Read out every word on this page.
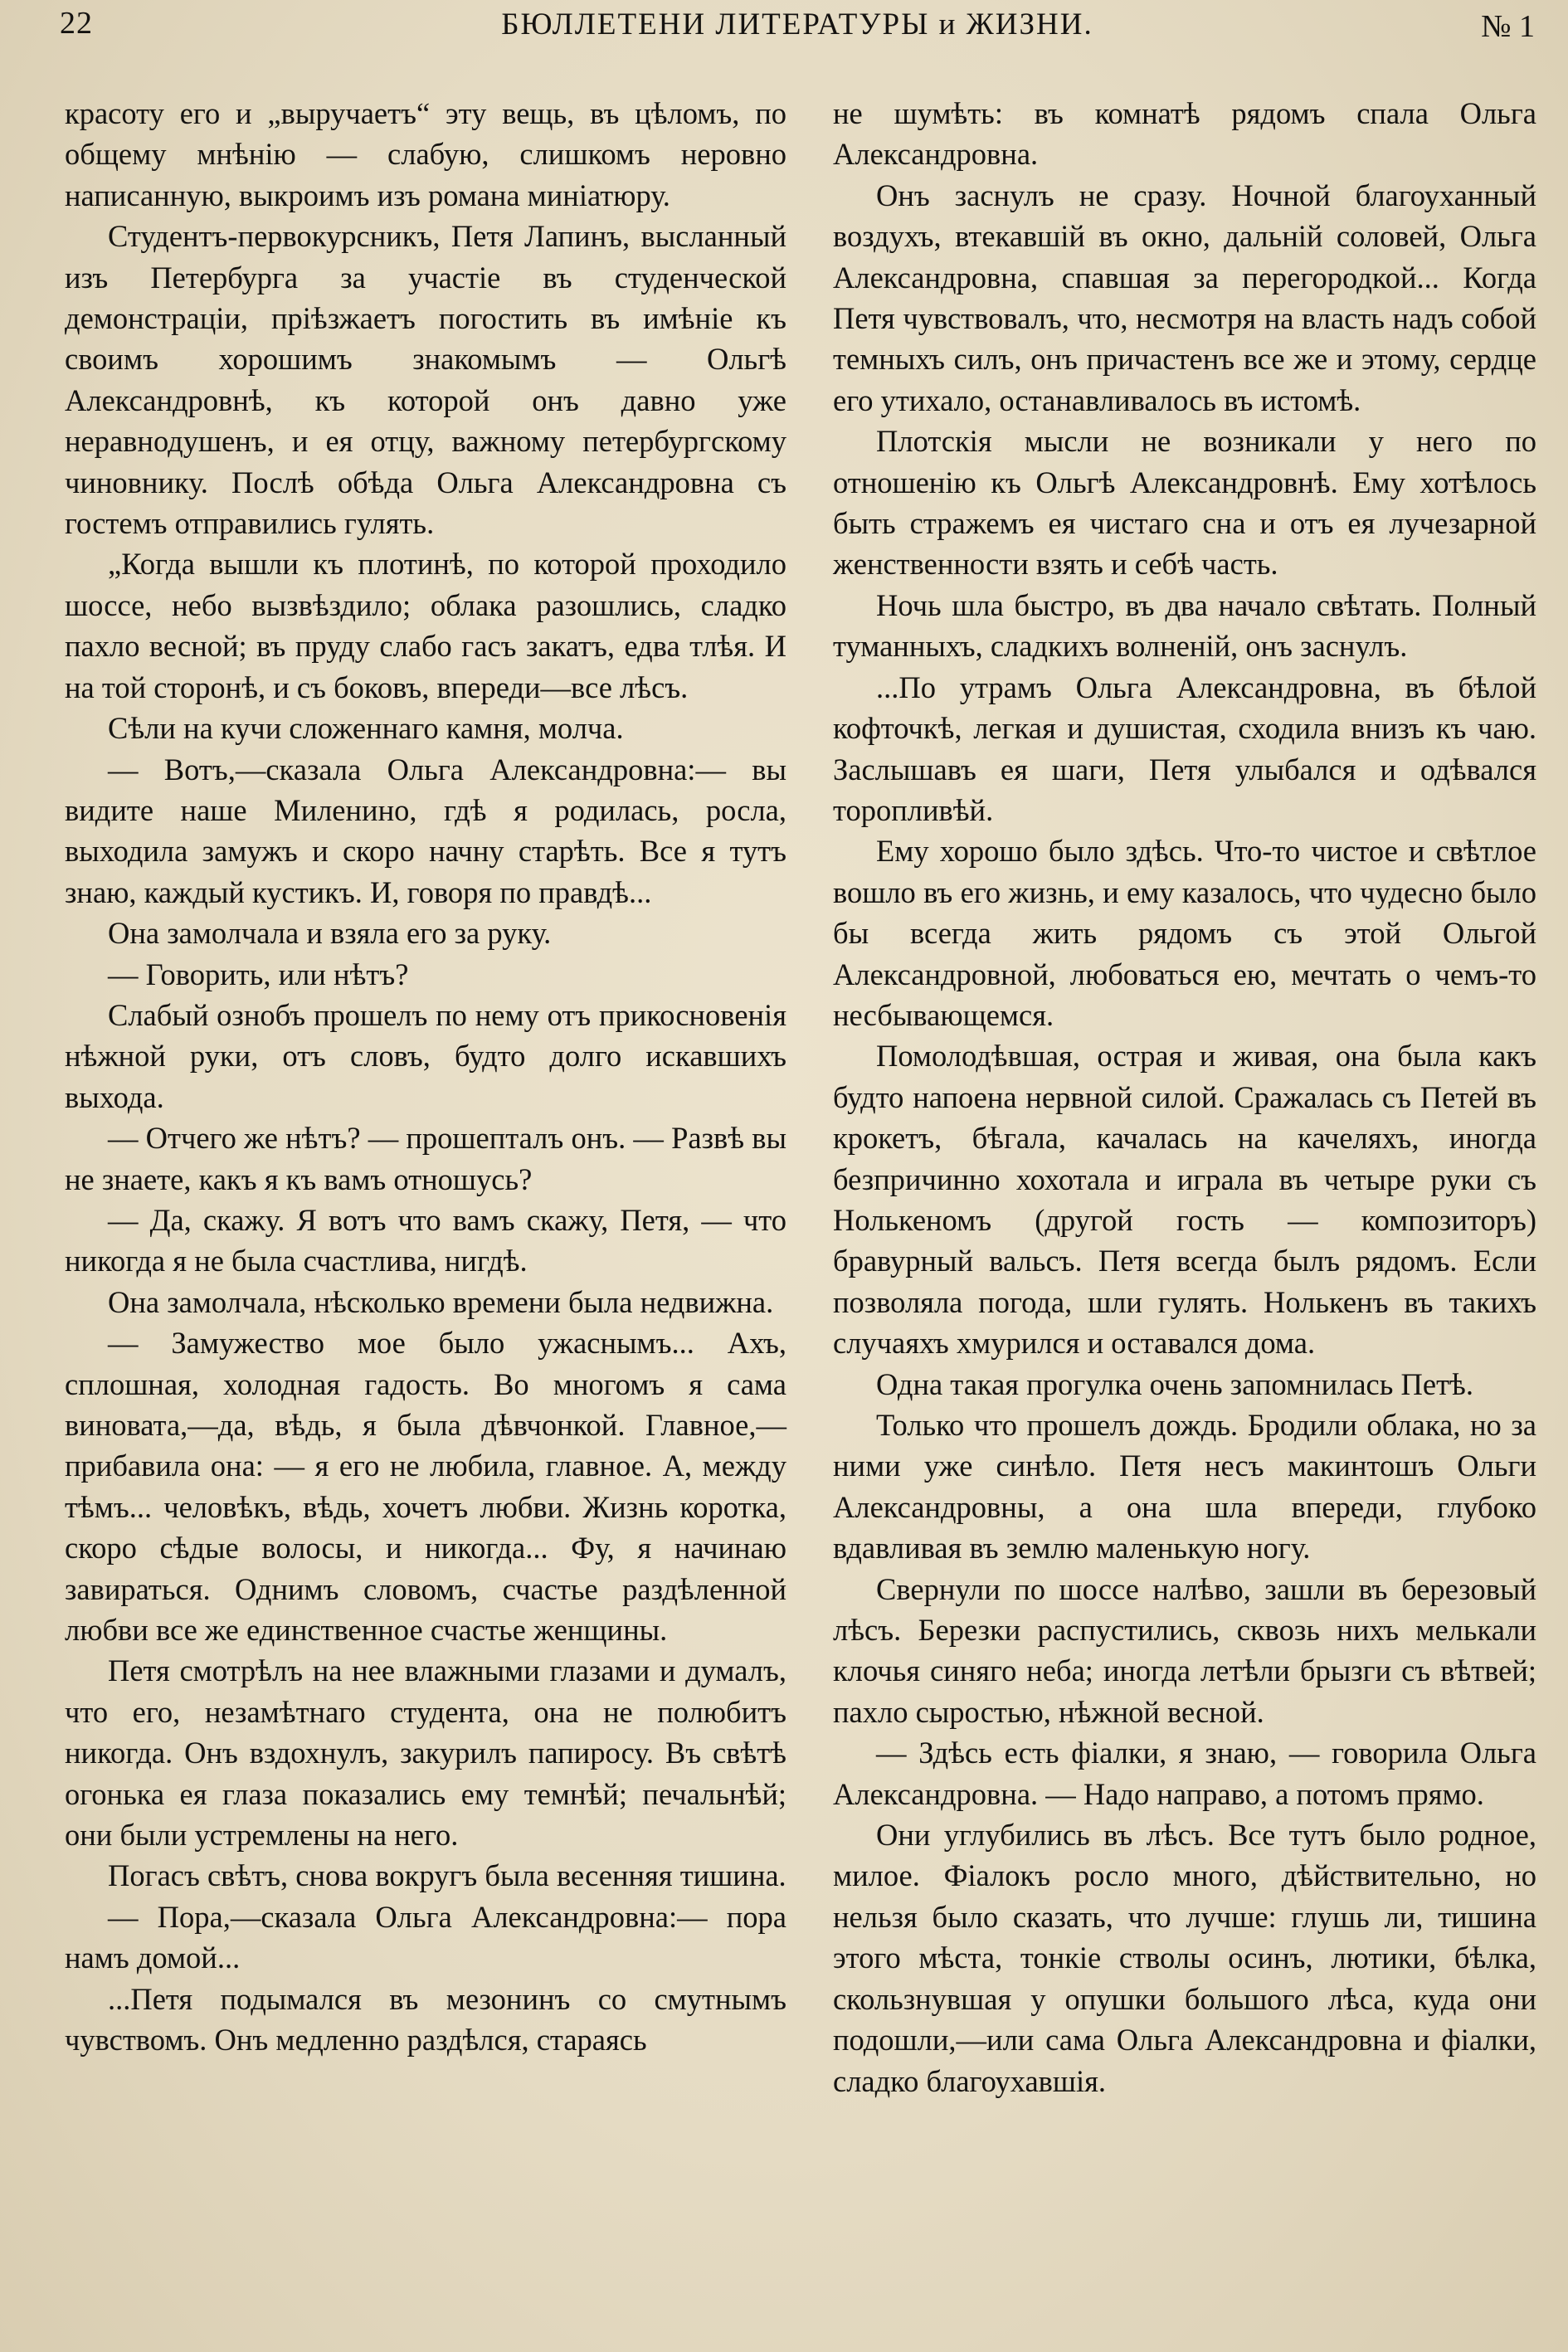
22	БЮЛЛЕТЕНИ ЛИТЕРАТУРЫ и ЖИЗНИ.	№ 1

красоту его и „выручаетъ“ эту вещь, въ цѣломъ, по общему мнѣнію — слабую, слишкомъ неровно написанную, выкроимъ изъ романа миніатюру.

Студентъ-первокурсникъ, Петя Лапинъ, высланный изъ Петербурга за участіе въ студенческой демонстраціи, пріѣзжаетъ погостить въ имѣніе къ своимъ хорошимъ знакомымъ — Ольгѣ Александровнѣ, къ которой онъ давно уже неравнодушенъ, и ея отцу, важному петербургскому чиновнику. Послѣ обѣда Ольга Александровна съ гостемъ отправились гулять.

„Когда вышли къ плотинѣ, по которой проходило шоссе, небо вызвѣздило; облака разошлись, сладко пахло весной; въ пруду слабо гасъ закатъ, едва тлѣя. И на той сторонѣ, и съ боковъ, впереди—все лѣсъ.

Сѣли на кучи сложеннаго камня, молча.

— Вотъ,—сказала Ольга Александровна:— вы видите наше Миленино, гдѣ я родилась, росла, выходила замужъ и скоро начну старѣть. Все я тутъ знаю, каждый кустикъ. И, говоря по правдѣ...

Она замолчала и взяла его за руку.

— Говорить, или нѣтъ?

Слабый ознобъ прошелъ по нему отъ прикосновенія нѣжной руки, отъ словъ, будто долго искавшихъ выхода.

— Отчего же нѣтъ? — прошепталъ онъ. — Развѣ вы не знаете, какъ я къ вамъ отношусь?

— Да, скажу. Я вотъ что вамъ скажу, Петя, — что никогда я не была счастлива, нигдѣ.

Она замолчала, нѣсколько времени была недвижна.

— Замужество мое было ужаснымъ... Ахъ, сплошная, холодная гадость. Во многомъ я сама виновата,—да, вѣдь, я была дѣвчонкой. Главное,—прибавила она: — я его не любила, главное. А, между тѣмъ... человѣкъ, вѣдь, хочетъ любви. Жизнь коротка, скоро сѣдые волосы, и никогда... Фу, я начинаю завираться. Однимъ словомъ, счастье раздѣленной любви все же единственное счастье женщины.

Петя смотрѣлъ на нее влажными глазами и думалъ, что его, незамѣтнаго студента, она не полюбитъ никогда. Онъ вздохнулъ, закурилъ папиросу. Въ свѣтѣ огонька ея глаза показались ему темнѣй; печальнѣй; они были устремлены на него.

Погасъ свѣтъ, снова вокругъ была весенняя тишина.

— Пора,—сказала Ольга Александровна:— пора намъ домой...

...Петя подымался въ мезонинъ со смутнымъ чувствомъ. Онъ медленно раздѣлся, стараясь

не шумѣть: въ комнатѣ рядомъ спала Ольга Александровна.

Онъ заснулъ не сразу. Ночной благоуханный воздухъ, втекавшій въ окно, дальній соловей, Ольга Александровна, спавшая за перегородкой... Когда Петя чувствовалъ, что, несмотря на власть надъ собой темныхъ силъ, онъ причастенъ все же и этому, сердце его утихало, останавливалось въ истомѣ.

Плотскія мысли не возникали у него по отношенію къ Ольгѣ Александровнѣ. Ему хотѣлось быть стражемъ ея чистаго сна и отъ ея лучезарной женственности взять и себѣ часть.

Ночь шла быстро, въ два начало свѣтать. Полный туманныхъ, сладкихъ волненій, онъ заснулъ.

...По утрамъ Ольга Александровна, въ бѣлой кофточкѣ, легкая и душистая, сходила внизъ къ чаю. Заслышавъ ея шаги, Петя улыбался и одѣвался торопливѣй.

Ему хорошо было здѣсь. Что-то чистое и свѣтлое вошло въ его жизнь, и ему казалось, что чудесно было бы всегда жить рядомъ съ этой Ольгой Александровной, любоваться ею, мечтать о чемъ-то несбывающемся.

Помолодѣвшая, острая и живая, она была какъ будто напоена нервной силой. Сражалась съ Петей въ крокетъ, бѣгала, качалась на качеляхъ, иногда безпричинно хохотала и играла въ четыре руки съ Нолькеномъ (другой гость — композиторъ) бравурный вальсъ. Петя всегда былъ рядомъ. Если позволяла погода, шли гулять. Нолькенъ въ такихъ случаяхъ хмурился и оставался дома.

Одна такая прогулка очень запомнилась Петѣ.

Только что прошелъ дождь. Бродили облака, но за ними уже синѣло. Петя несъ макинтошъ Ольги Александровны, а она шла впереди, глубоко вдавливая въ землю маленькую ногу.

Свернули по шоссе налѣво, зашли въ березовый лѣсъ. Березки распустились, сквозь нихъ мелькали клочья синяго неба; иногда летѣли брызги съ вѣтвей; пахло сыростью, нѣжной весной.

— Здѣсь есть фіалки, я знаю, — говорила Ольга Александровна. — Надо направо, а потомъ прямо.

Они углубились въ лѣсъ. Все тутъ было родное, милое. Фіалокъ росло много, дѣйствительно, но нельзя было сказать, что лучше: глушь ли, тишина этого мѣста, тонкіе стволы осинъ, лютики, бѣлка, скользнувшая у опушки большого лѣса, куда они подошли,—или сама Ольга Александровна и фіалки, сладко благоухавшія.
